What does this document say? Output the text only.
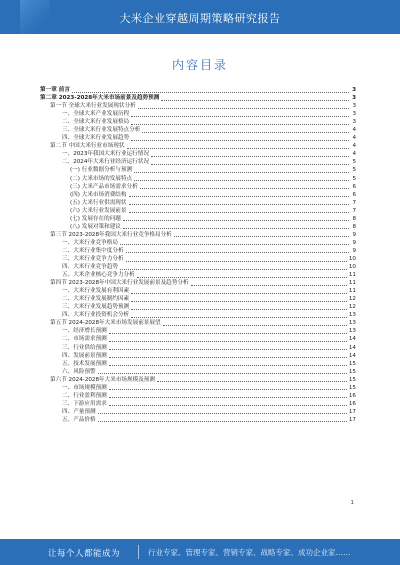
大米企业穿越周期策略研究报告
内容目录
第一章 前言	3
第二章 2023-2028年大米市场前景及趋势预测	3
第一节 全球大米行业发展现状分析	3
一、全球大米产业发展历程	3
二、全球大米行业发展格局	3
三、全球大米行业发展特点分析	4
四、全球大米行业发展趋势	4
第二节 中国大米行业市场现状	4
一、2023年我国大米行业运行情况	4
二、2024年大米行业经济运行状况	5
(一) 行业数据分析与预测	5
(二) 大米市场的发展特点	5
(三) 大米产品市场需求分析	6
(四) 大米市场消费结构	6
(五) 大米行业供需现状	7
(六) 大米行业发展前景	7
(七) 发展存在的问题	8
(八) 发展对策和建议	8
第三节 2023-2028年我国大米行业竞争格局分析	9
一、大米行业竞争格局	9
二、大米行业集中度分析	9
三、大米行业竞争力分析	10
四、大米行业竞争趋势	10
五、大米企业核心竞争力分析	11
第四节 2023-2028年中国大米行业发展前景及趋势分析	11
一、大米行业发展有利因素	11
二、大米行业发展制约因素	12
三、大米行业发展趋势预测	12
四、大米行业投资机会分析	13
第五节 2024-2028年大米市场发展前景展望	13
一、经济增长预测	13
二、市场需求预测	14
三、行业供给预测	14
四、发展前景预测	14
五、技术发展预测	15
六、风险预警	15
第六节 2024-2028年大米市场规模及预测	15
一、市场规模预测	15
二、行业盈利预测	16
三、下游应用需求	16
四、产量预测	17
五、产品价格	17
1
让每个人都能成为	行业专家、管理专家、营销专家、战略专家、成功企业家……
